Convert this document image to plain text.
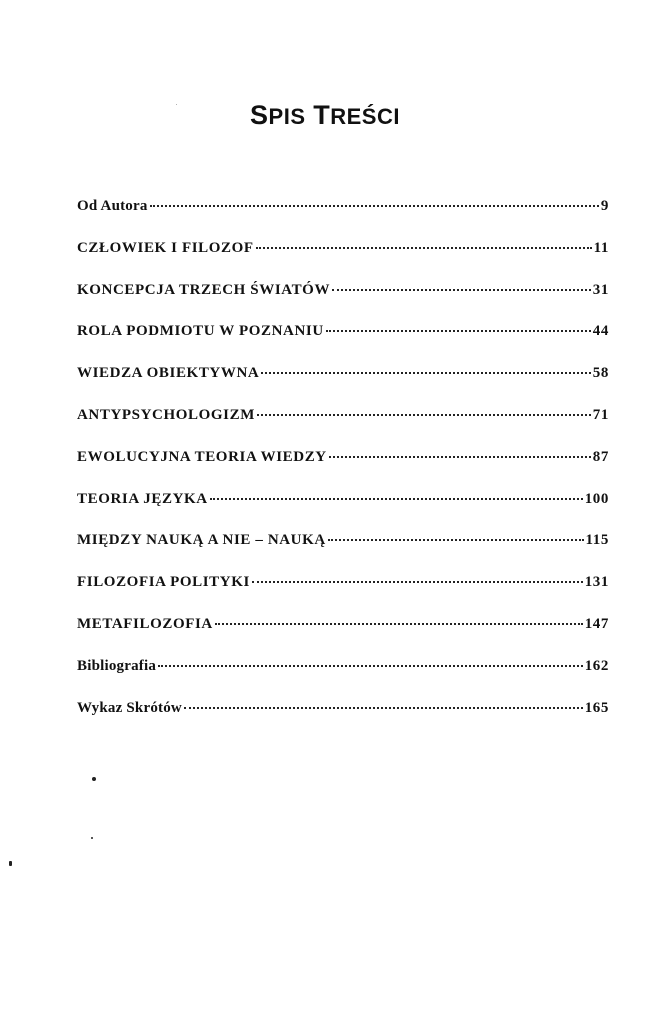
SPIS TREŚCI
Od Autora	9
CZŁOWIEK I FILOZOF	11
KONCEPCJA TRZECH ŚWIATÓW	31
ROLA PODMIOTU W POZNANIU	44
WIEDZA OBIEKTYWNA	58
ANTYPSYCHOLOGIZM	71
EWOLUCYJNA TEORIA WIEDZY	87
TEORIA JĘZYKA	100
MIĘDZY NAUKĄ A NIE – NAUKĄ	115
FILOZOFIA POLITYKI	131
METAFILOZOFIA	147
Bibliografia	162
Wykaz Skrótów	165
